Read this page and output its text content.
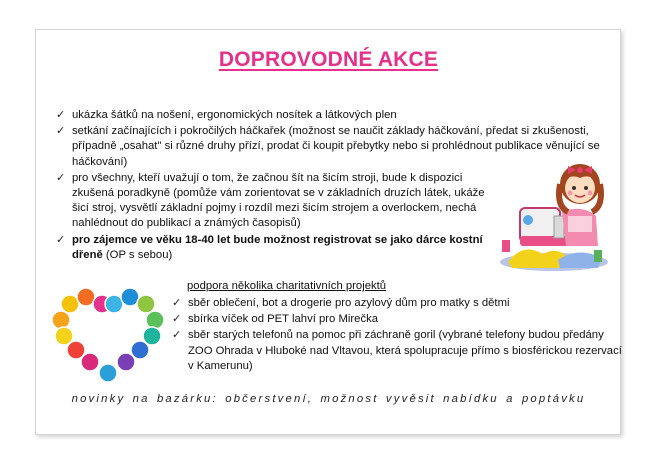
DOPROVODNÉ AKCE
✓ ukázka šátků na nošení, ergonomických nosítek a látkových plen
✓ setkání začínajících i pokročilých háčkařek (možnost se naučit základy háčkování, předat si zkušenosti, případně „osahat" si různé druhy přízí, prodat či koupit přebytky nebo si prohlédnout publikace věnující se háčkování)
✓ pro všechny, kteří uvažují o tom, že začnou šít na šicím stroji, bude k dispozici zkušená poradkyně (pomůže vám zorientovat se v základních druzích látek, ukáže šicí stroj, vysvětlí základní pojmy i rozdíl mezi šicím strojem a overlockem, nechá nahlédnout do publikací a známých časopisů)
✓ pro zájemce ve věku 18-40 let bude možnost registrovat se jako dárce kostní dřeně (OP s sebou)
podpora několika charitativních projektů
✓ sběr oblečení, bot a drogerie pro azylový dům pro matky s dětmi
✓ sbírka víček od PET lahví pro Mirečka
✓ sběr starých telefonů na pomoc při záchraně goril (vybrané telefony budou předány ZOO Ohrada v Hluboké nad Vltavou, která spolupracuje přímo s biosférickou rezervací v Kamerunu)
novinky na bazárku: občerstvení, možnost vyvěsit nabídku a poptávku
